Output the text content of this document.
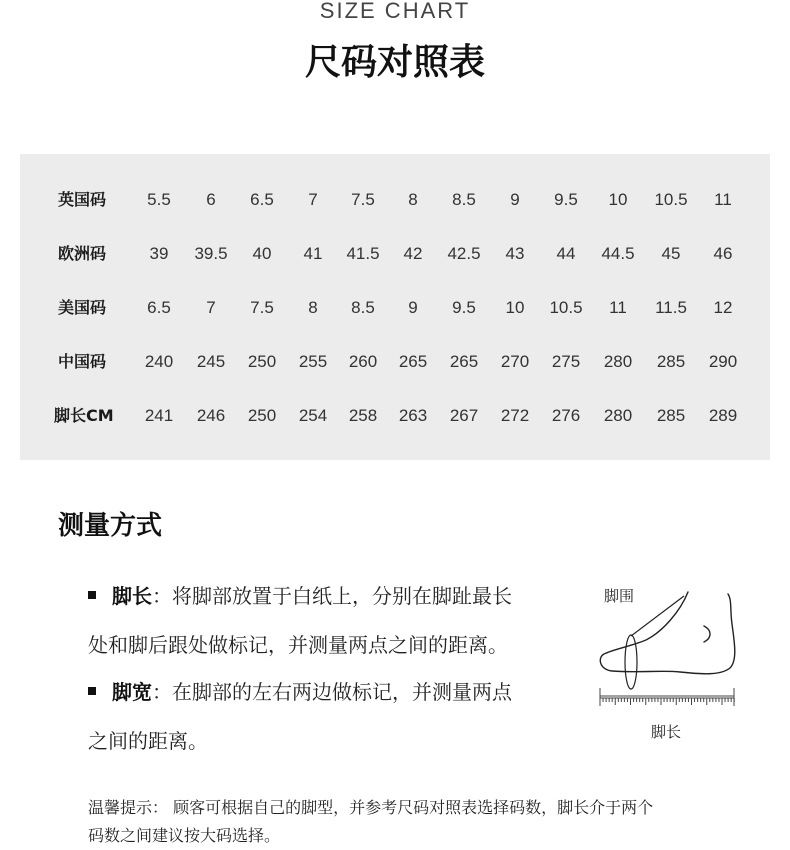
SIZE CHART
尺码对照表
英国码	5.5	6	6.5	7	7.5	8	8.5	9	9.5	10	10.5	11
欧洲码	39	39.5	40	41	41.5	42	42.5	43	44	44.5	45	46
美国码	6.5	7	7.5	8	8.5	9	9.5	10	10.5	11	11.5	12
中国码	240	245	250	255	260	265	265	270	275	280	285	290
脚长CM	241	246	250	254	258	263	267	272	276	280	285	289
测量方式
脚长：将脚部放置于白纸上，分别在脚趾最长
处和脚后跟处做标记，并测量两点之间的距离。
脚宽：在脚部的左右两边做标记，并测量两点
之间的距离。
脚围
脚长
温馨提示： 顾客可根据自己的脚型，并参考尺码对照表选择码数，脚长介于两个
码数之间建议按大码选择。
